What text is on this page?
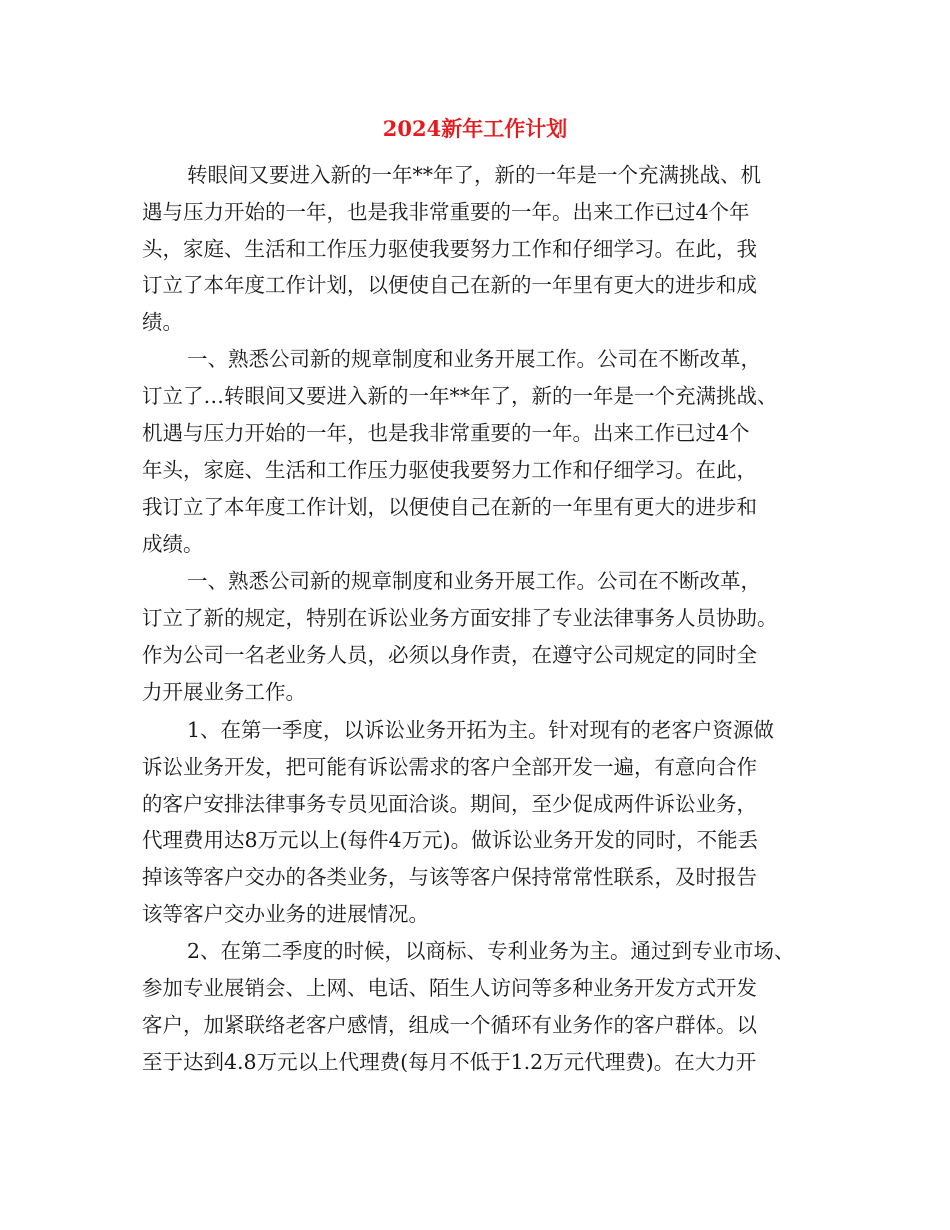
2024新年工作计划

转眼间又要进入新的一年**年了，新的一年是一个充满挑战、机

遇与压力开始的一年，也是我非常重要的一年。出来工作已过4个年

头，家庭、生活和工作压力驱使我要努力工作和仔细学习。在此，我

订立了本年度工作计划，以便使自己在新的一年里有更大的进步和成

绩。

一、熟悉公司新的规章制度和业务开展工作。公司在不断改革，

订立了…转眼间又要进入新的一年**年了，新的一年是一个充满挑战、

机遇与压力开始的一年，也是我非常重要的一年。出来工作已过4个

年头，家庭、生活和工作压力驱使我要努力工作和仔细学习。在此，

我订立了本年度工作计划，以便使自己在新的一年里有更大的进步和

成绩。

一、熟悉公司新的规章制度和业务开展工作。公司在不断改革，

订立了新的规定，特别在诉讼业务方面安排了专业法律事务人员协助。

作为公司一名老业务人员，必须以身作责，在遵守公司规定的同时全

力开展业务工作。

1、在第一季度，以诉讼业务开拓为主。针对现有的老客户资源做

诉讼业务开发，把可能有诉讼需求的客户全部开发一遍，有意向合作

的客户安排法律事务专员见面洽谈。期间，至少促成两件诉讼业务，

代理费用达8万元以上(每件4万元)。做诉讼业务开发的同时，不能丢

掉该等客户交办的各类业务，与该等客户保持常常性联系，及时报告

该等客户交办业务的进展情况。

2、在第二季度的时候，以商标、专利业务为主。通过到专业市场、

参加专业展销会、上网、电话、陌生人访问等多种业务开发方式开发

客户，加紧联络老客户感情，组成一个循环有业务作的客户群体。以

至于达到4.8万元以上代理费(每月不低于1.2万元代理费)。在大力开
